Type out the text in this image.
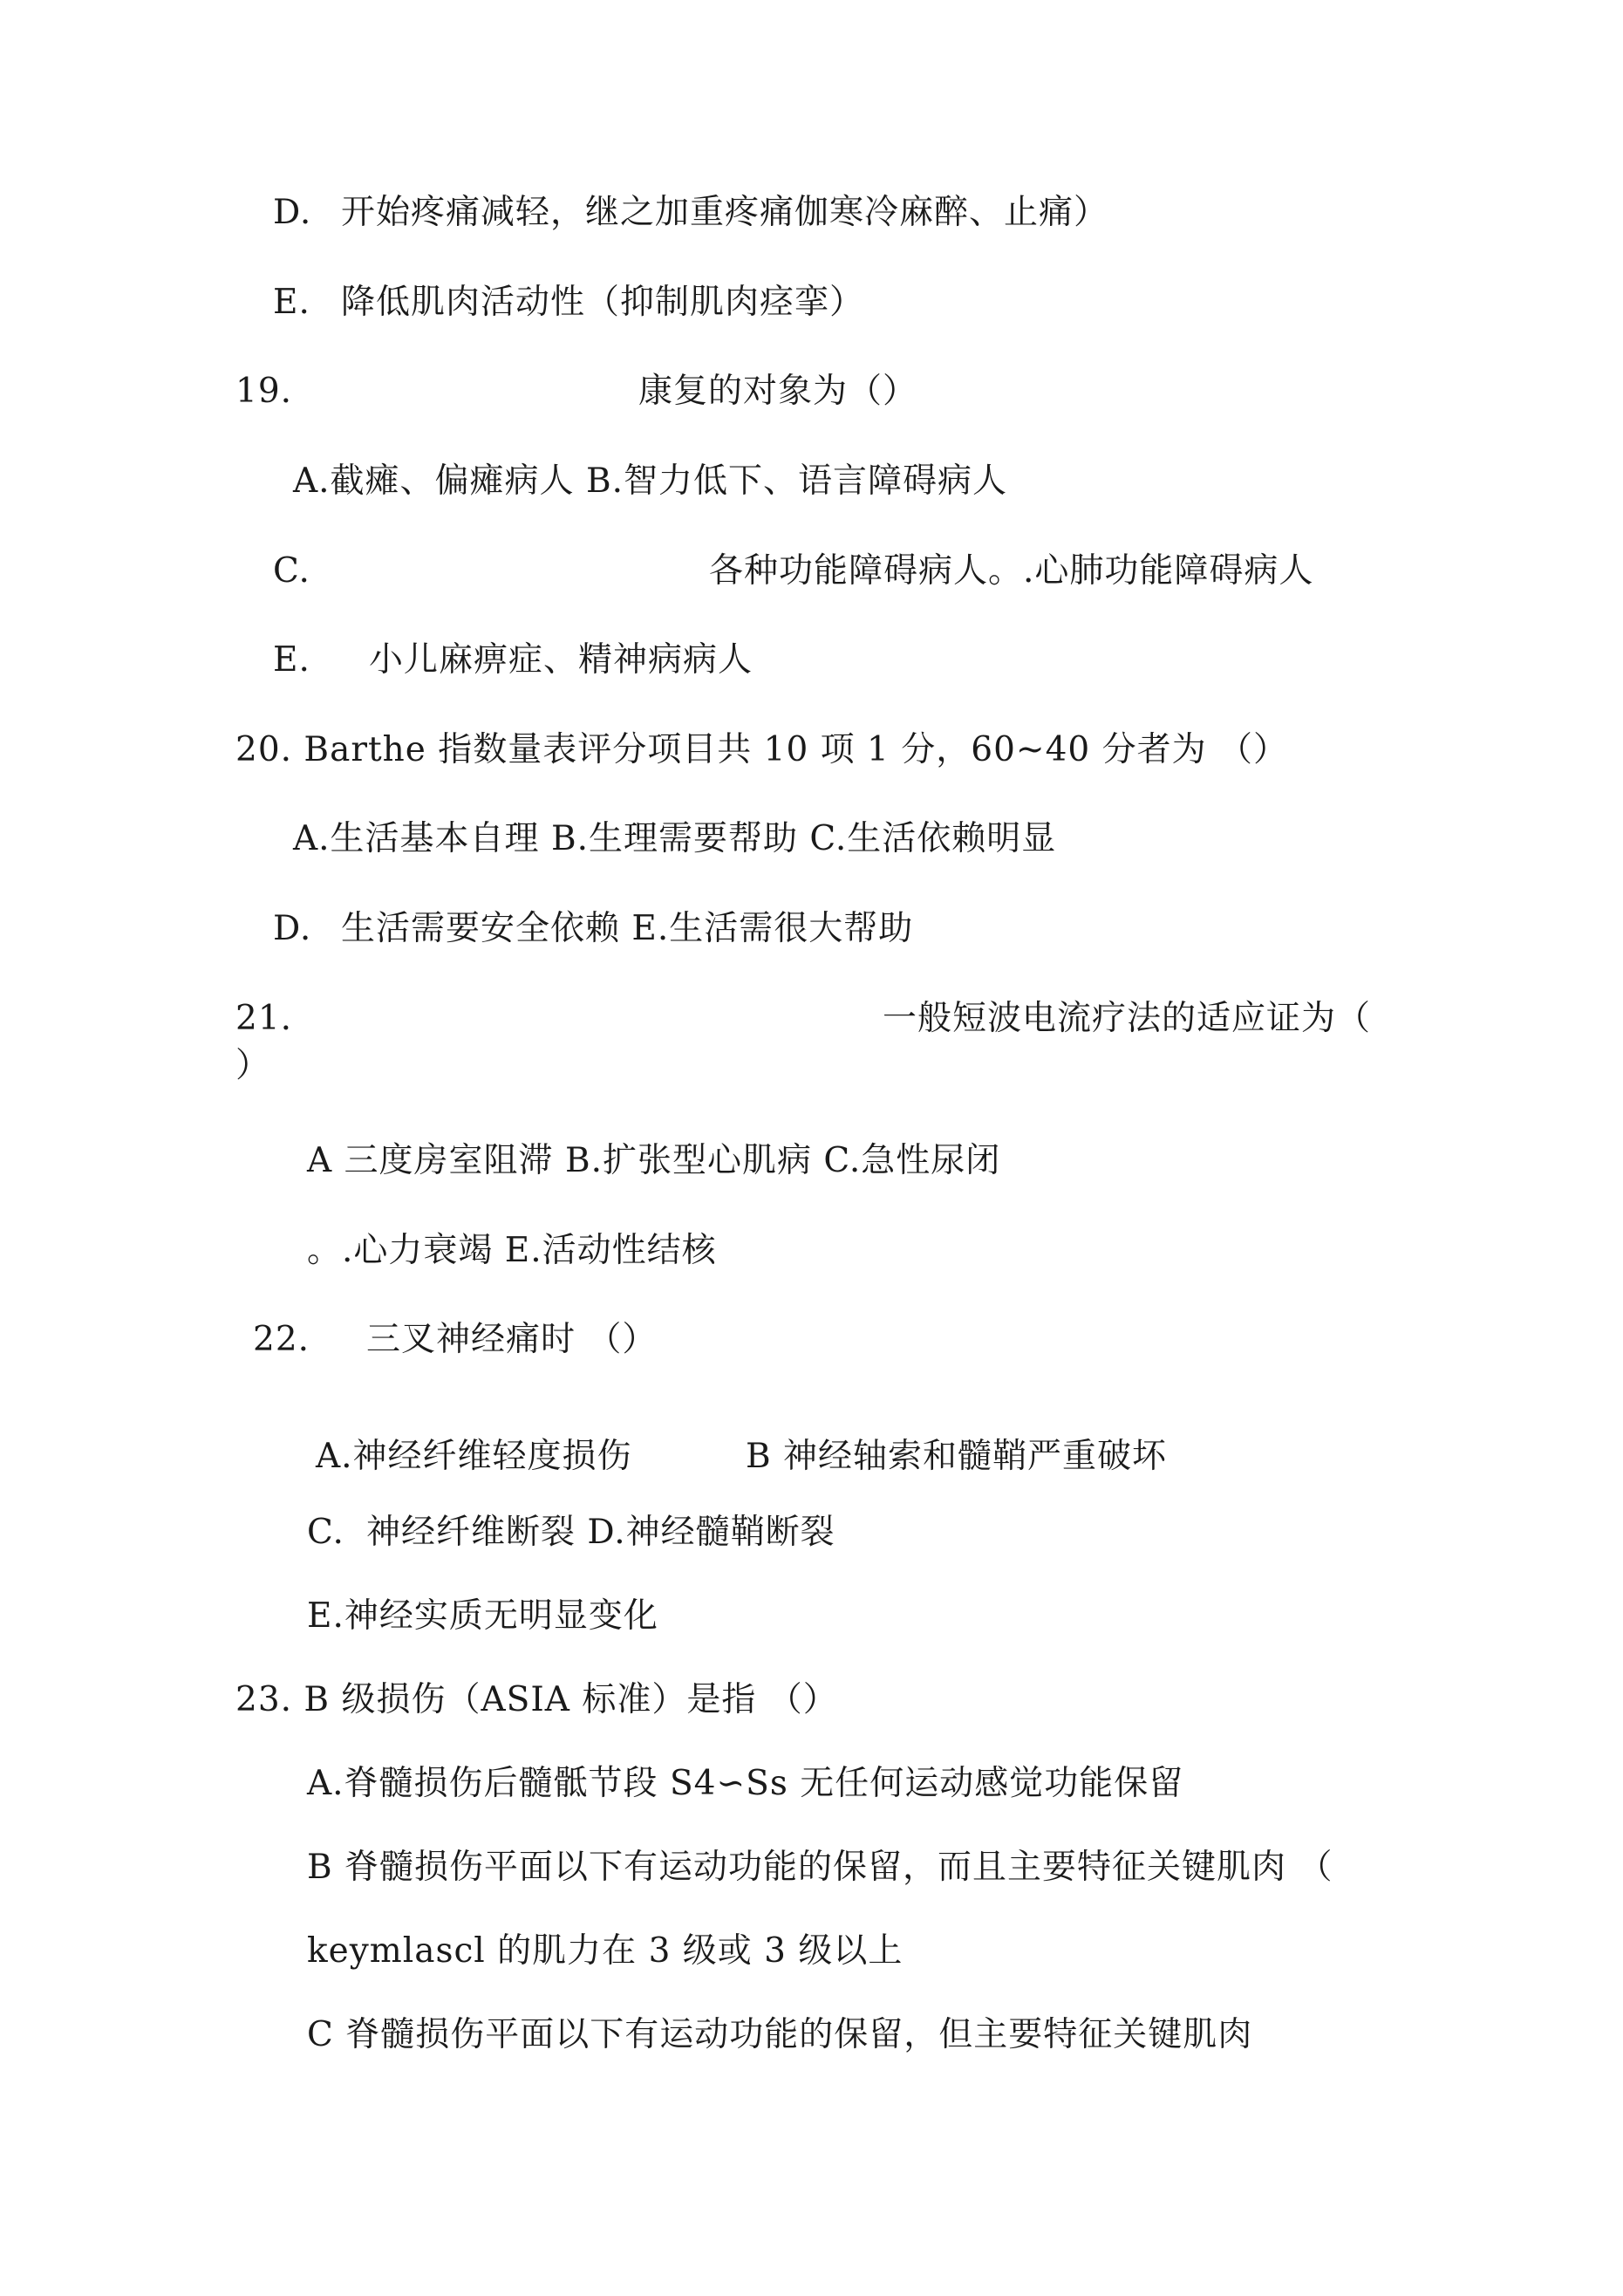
D. 开始疼痛减轻，继之加重疼痛伽寒冷麻醉、止痛）
E. 降低肌肉活动性（抑制肌肉痉挛）
19.	康复的对象为（）
A.截瘫、偏瘫病人 B.智力低下、语言障碍病人
C.	各种功能障碍病人。.心肺功能障碍病人
E. 小儿麻痹症、精神病病人
20. Barthe 指数量表评分项目共 10 项 1 分，60~40 分者为 （）
A.生活基本自理 B.生理需要帮助 C.生活依赖明显
D. 生活需要安全依赖 E.生活需很大帮助
21.	一般短波电流疗法的适应证为（
）
A 三度房室阻滞 B.扩张型心肌病 C.急性尿闭
。.心力衰竭 E.活动性结核
22. 三叉神经痛时 （）
A.神经纤维轻度损伤	B 神经轴索和髓鞘严重破坏
C. 神经纤维断裂 D.神经髓鞘断裂
E.神经实质无明显变化
23. B 级损伤（ASIA 标准）是指 （）
A.脊髓损伤后髓骶节段 S4∽Ss 无任何运动感觉功能保留
B 脊髓损伤平面以下有运动功能的保留，而且主要特征关键肌肉 （
keymlascl 的肌力在 3 级或 3 级以上
C 脊髓损伤平面以下有运动功能的保留，但主要特征关键肌肉
